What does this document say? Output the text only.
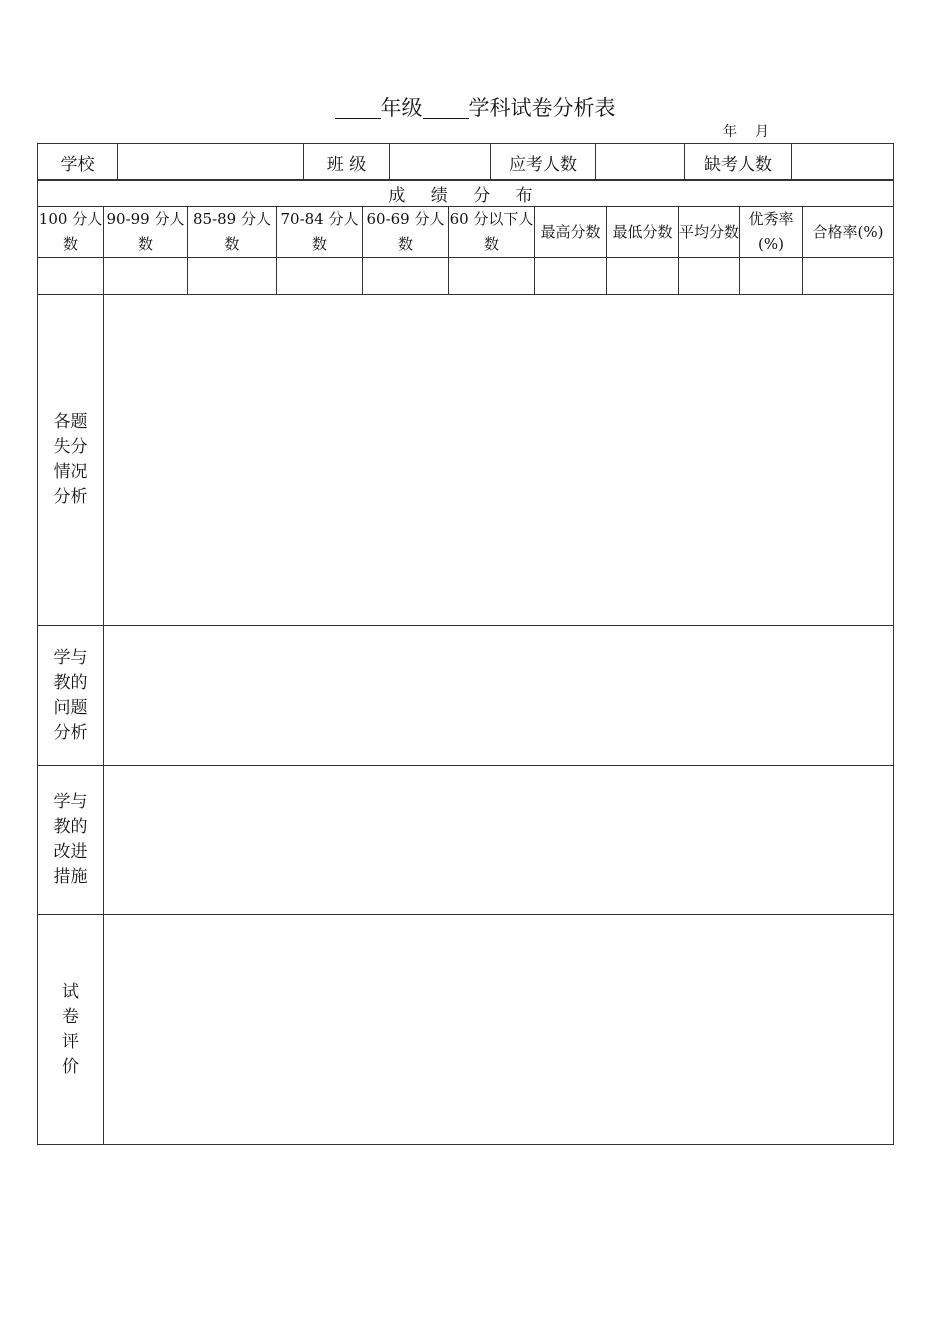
年级 学科试卷分析表
年 月
学校		班 级		应考人数		缺考人数	
成 绩 分 布										
100 分人数	90-99 分人数	85-89 分人数	70-84 分人数	60-69 分人数	60 分以下人数	最高分数	最低分数	平均分数	优秀率(%)	合格率(%)

各题失分情况分析										

学与教的问题分析										

学与教的改进措施										

试卷评价										
